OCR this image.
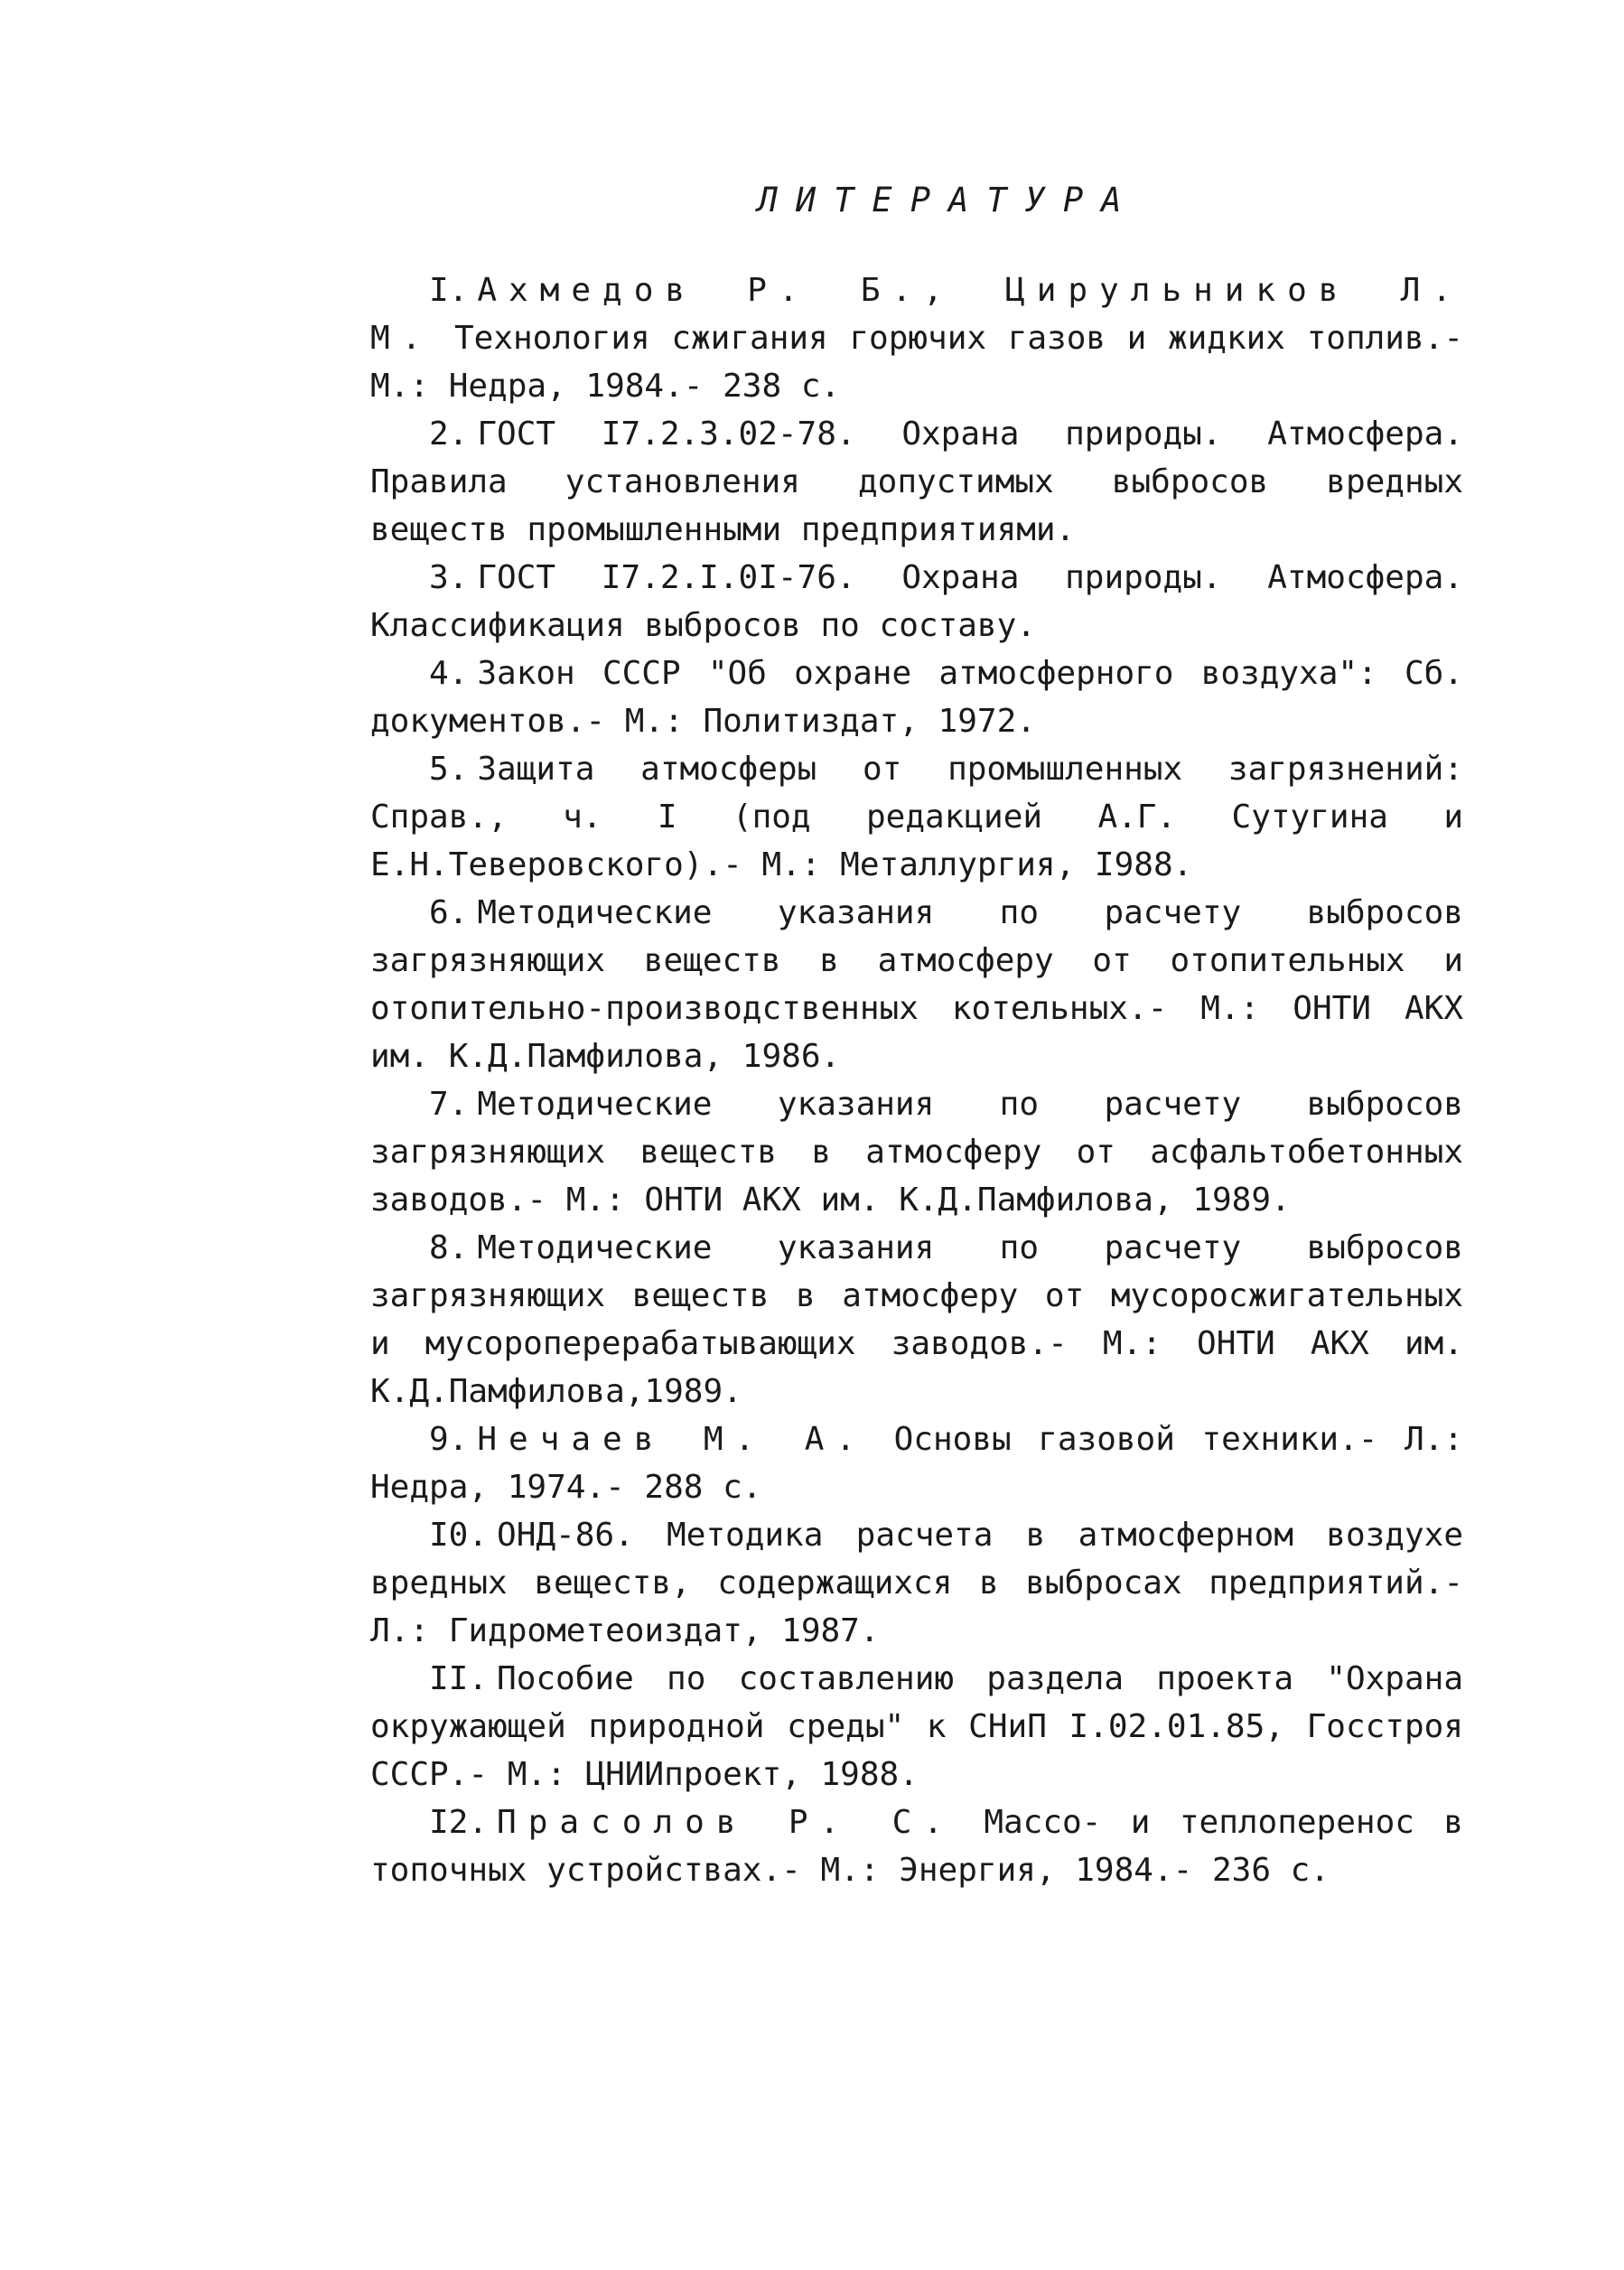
ЛИТЕРАТУРА

I. Ахмедов Р. Б., Цирульников Л. М. Технология сжигания горючих газов и жидких топлив.- М.: Недра, 1984.- 238 с.

2. ГОСТ I7.2.3.02-78. Охрана природы. Атмосфера. Правила установления допустимых выбросов вредных веществ промышленными предприятиями.

3. ГОСТ I7.2.I.0I-76. Охрана природы. Атмосфера. Классификация выбросов по составу.

4. Закон СССР "Об охране атмосферного воздуха": Сб. документов.- М.: Политиздат, 1972.

5. Защита атмосферы от промышленных загрязнений: Справ., ч. I (под редакцией А.Г. Сутугина и Е.Н.Теверовского).- М.: Металлургия, I988.

6. Методические указания по расчету выбросов загрязняющих веществ в атмосферу от отопительных и отопительно-производственных котельных.- М.: ОНТИ АКХ им. К.Д.Памфилова, 1986.

7. Методические указания по расчету выбросов загрязняющих веществ в атмосферу от асфальтобетонных заводов.- М.: ОНТИ АКХ им. К.Д.Памфилова, 1989.

8. Методические указания по расчету выбросов загрязняющих веществ в атмосферу от мусоросжигательных и мусороперерабатывающих заводов.- М.: ОНТИ АКХ им. К.Д.Памфилова,1989.

9. Нечаев М. А. Основы газовой техники.- Л.: Недра, 1974.- 288 с.

I0. ОНД-86. Методика расчета в атмосферном воздухе вредных веществ, содержащихся в выбросах предприятий.- Л.: Гидрометеоиздат, 1987.

II. Пособие по составлению раздела проекта "Охрана окружающей природной среды" к СНиП I.02.01.85, Госстроя СССР.- М.: ЦНИИпроект, 1988.

I2. Прасолов Р. С. Массо- и теплоперенос в топочных устройствах.- М.: Энергия, 1984.- 236 с.
